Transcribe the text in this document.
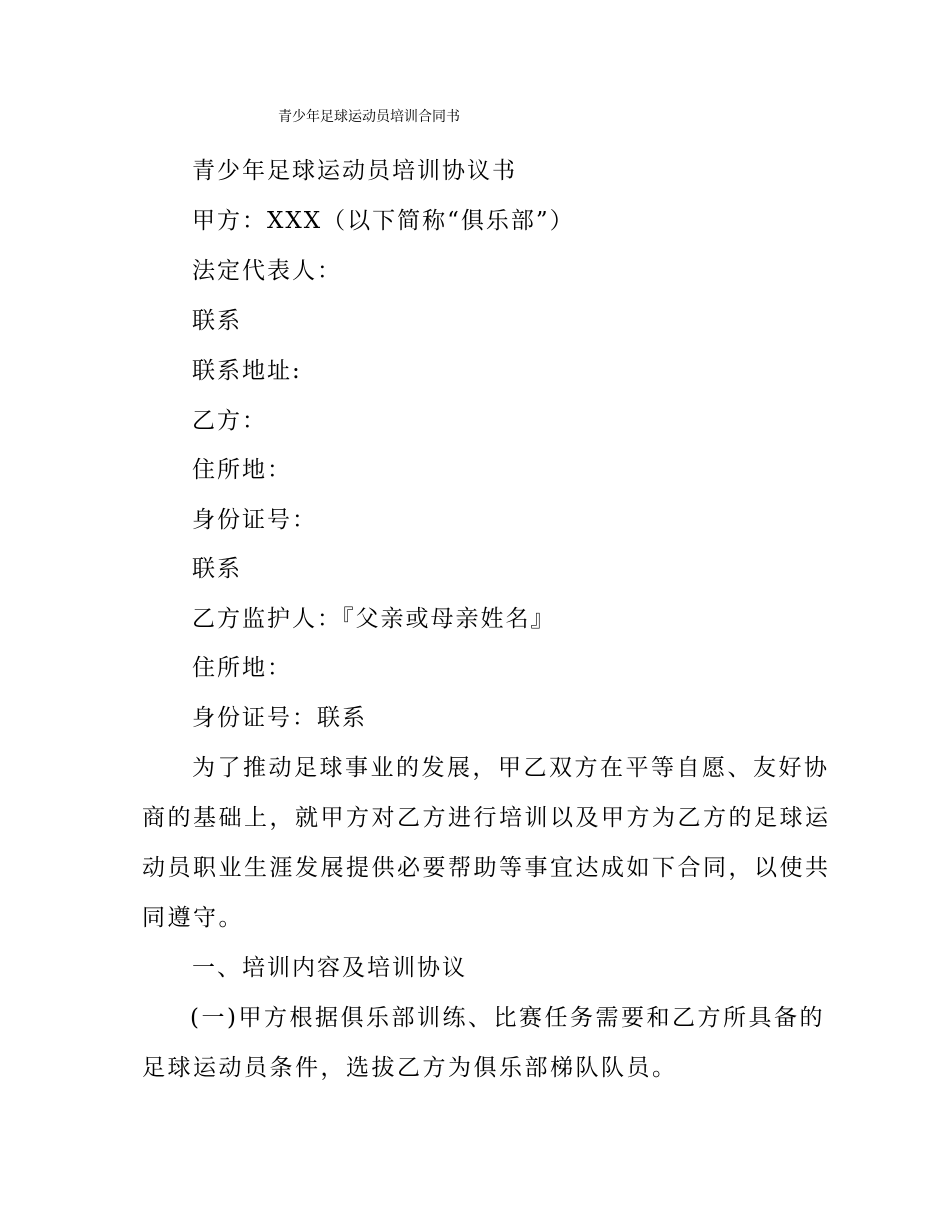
青少年足球运动员培训合同书
青少年足球运动员培训协议书
甲方：XXX（以下简称“俱乐部”）
法定代表人：
联系
联系地址:
乙方：
住所地：
身份证号：
联系
乙方监护人：『父亲或母亲姓名』
住所地：
身份证号：联系
为了推动足球事业的发展，甲乙双方在平等自愿、友好协
商的基础上，就甲方对乙方进行培训以及甲方为乙方的足球运
动员职业生涯发展提供必要帮助等事宜达成如下合同，以使共
同遵守。
一、培训内容及培训协议
(一)甲方根据俱乐部训练、比赛任务需要和乙方所具备的
足球运动员条件，选拔乙方为俱乐部梯队队员。
